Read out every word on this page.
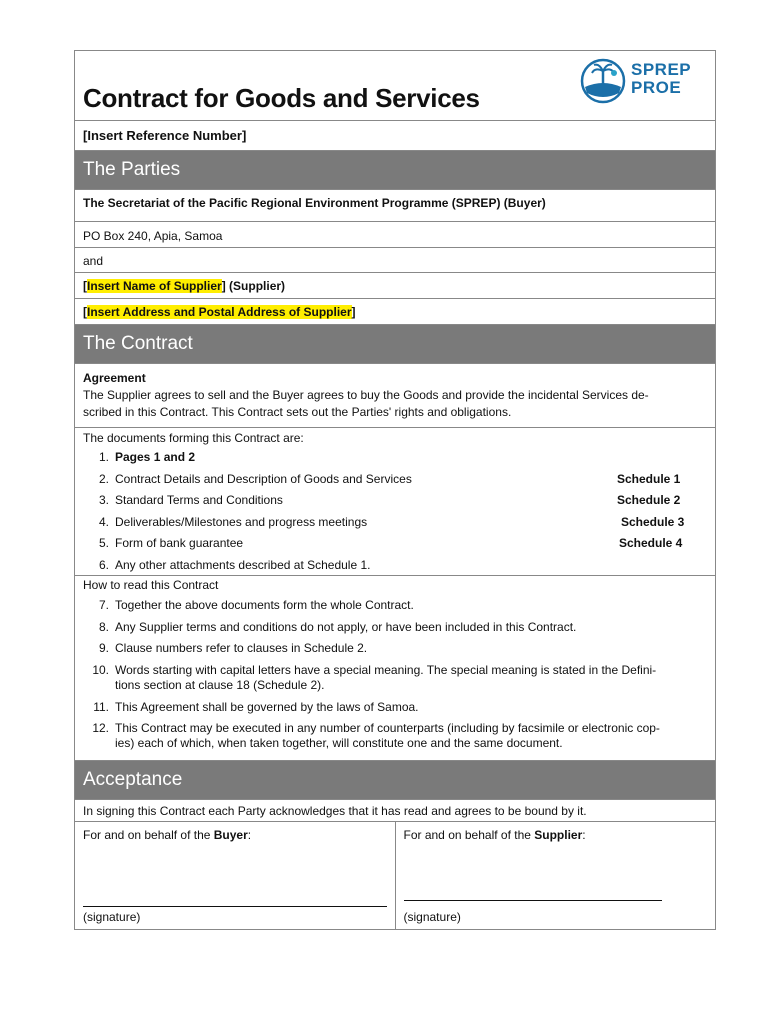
Contract for Goods and Services
SPREP
PROE
[Insert Reference Number]
The Parties
The Secretariat of the Pacific Regional Environment Programme (SPREP) (Buyer)
PO Box 240, Apia, Samoa
and
[Insert Name of Supplier] (Supplier)
[Insert Address and Postal Address of Supplier]
The Contract
Agreement
The Supplier agrees to sell and the Buyer agrees to buy the Goods and provide the incidental Services de-
scribed in this Contract. This Contract sets out the Parties' rights and obligations.
The documents forming this Contract are:
1. Pages 1 and 2
2. Contract Details and Description of Goods and Services	Schedule 1
3. Standard Terms and Conditions	Schedule 2
4. Deliverables/Milestones and progress meetings	Schedule 3
5. Form of bank guarantee	Schedule 4
6. Any other attachments described at Schedule 1.
How to read this Contract
7. Together the above documents form the whole Contract.
8. Any Supplier terms and conditions do not apply, or have been included in this Contract.
9. Clause numbers refer to clauses in Schedule 2.
10. Words starting with capital letters have a special meaning. The special meaning is stated in the Defini-
tions section at clause 18 (Schedule 2).
11. This Agreement shall be governed by the laws of Samoa.
12. This Contract may be executed in any number of counterparts (including by facsimile or electronic cop-
ies) each of which, when taken together, will constitute one and the same document.
Acceptance
In signing this Contract each Party acknowledges that it has read and agrees to be bound by it.
For and on behalf of the Buyer:
(signature)
For and on behalf of the Supplier:
(signature)
